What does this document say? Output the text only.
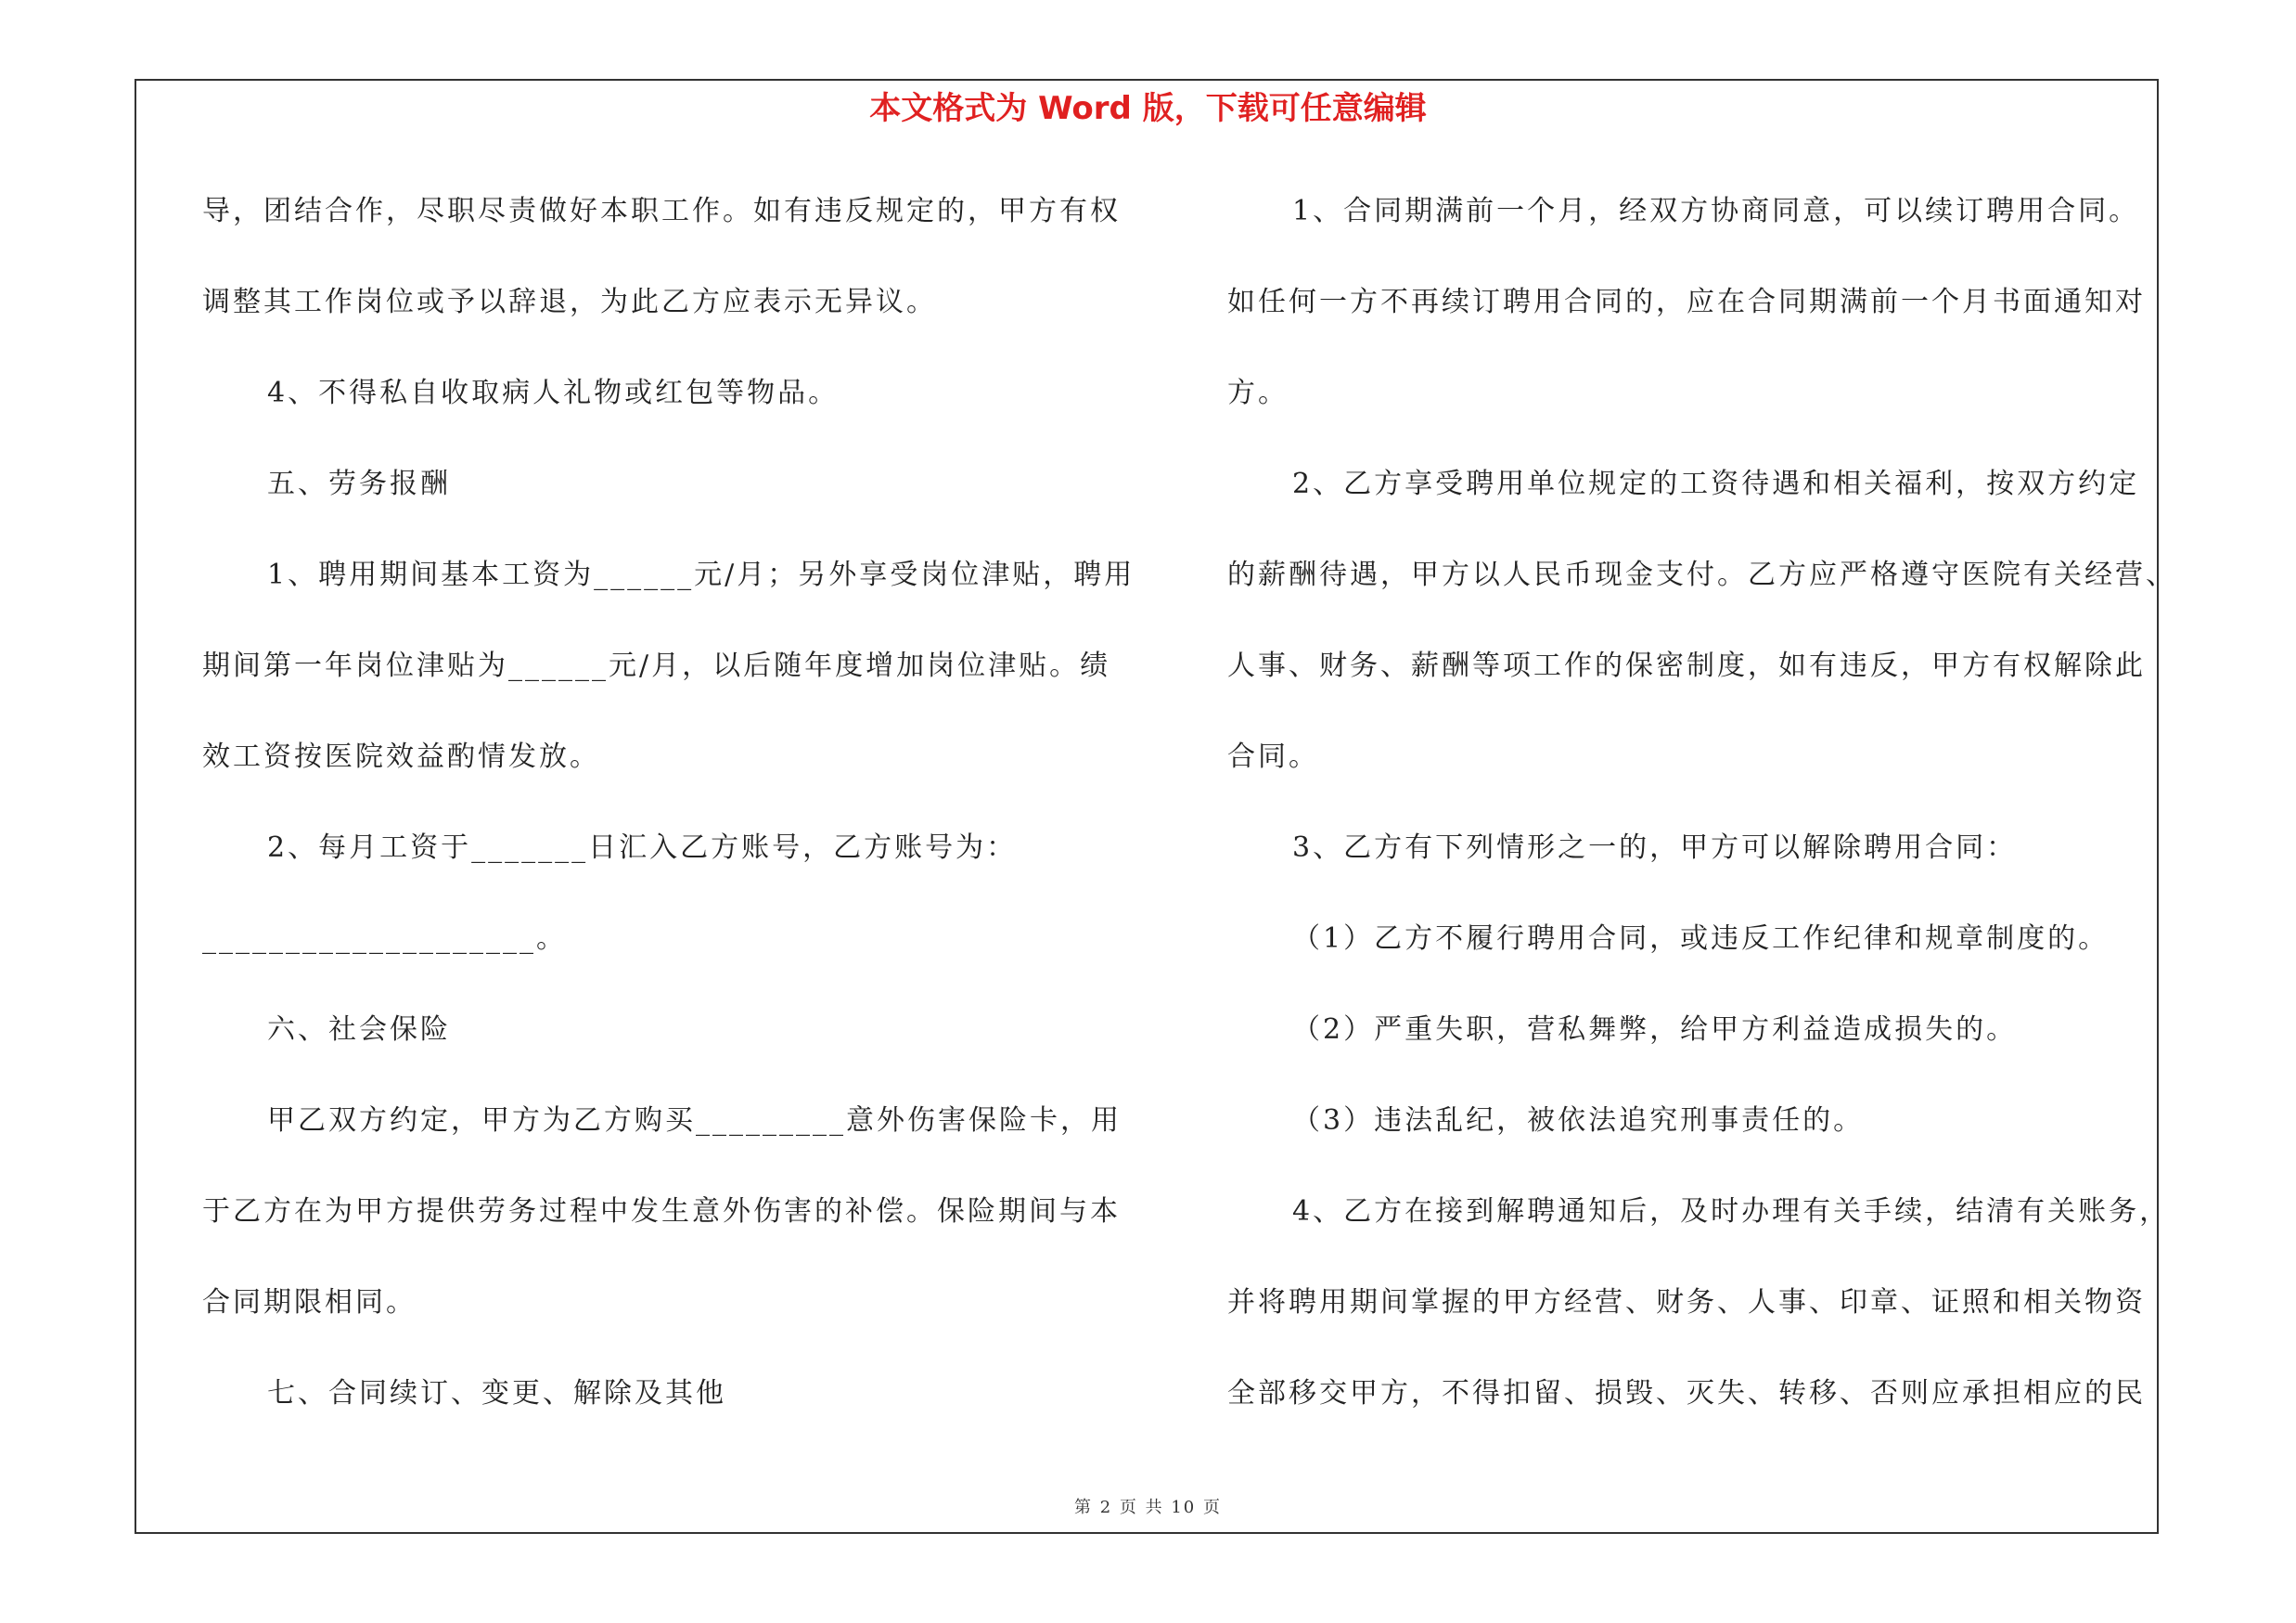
本文格式为 Word 版，下载可任意编辑
导，团结合作，尽职尽责做好本职工作。如有违反规定的，甲方有权
调整其工作岗位或予以辞退，为此乙方应表示无异议。
4、不得私自收取病人礼物或红包等物品。
五、劳务报酬
1、聘用期间基本工资为______元/月；另外享受岗位津贴，聘用
期间第一年岗位津贴为______元/月，以后随年度增加岗位津贴。绩
效工资按医院效益酌情发放。
2、每月工资于_______日汇入乙方账号，乙方账号为：
____________________。
六、社会保险
甲乙双方约定，甲方为乙方购买_________意外伤害保险卡，用
于乙方在为甲方提供劳务过程中发生意外伤害的补偿。保险期间与本
合同期限相同。
七、合同续订、变更、解除及其他
1、合同期满前一个月，经双方协商同意，可以续订聘用合同。
如任何一方不再续订聘用合同的，应在合同期满前一个月书面通知对
方。
2、乙方享受聘用单位规定的工资待遇和相关福利，按双方约定
的薪酬待遇，甲方以人民币现金支付。乙方应严格遵守医院有关经营、
人事、财务、薪酬等项工作的保密制度，如有违反，甲方有权解除此
合同。
3、乙方有下列情形之一的，甲方可以解除聘用合同：
（1）乙方不履行聘用合同，或违反工作纪律和规章制度的。
（2）严重失职，营私舞弊，给甲方利益造成损失的。
（3）违法乱纪，被依法追究刑事责任的。
4、乙方在接到解聘通知后，及时办理有关手续，结清有关账务，
并将聘用期间掌握的甲方经营、财务、人事、印章、证照和相关物资
全部移交甲方，不得扣留、损毁、灭失、转移、否则应承担相应的民
第 2 页 共 10 页
